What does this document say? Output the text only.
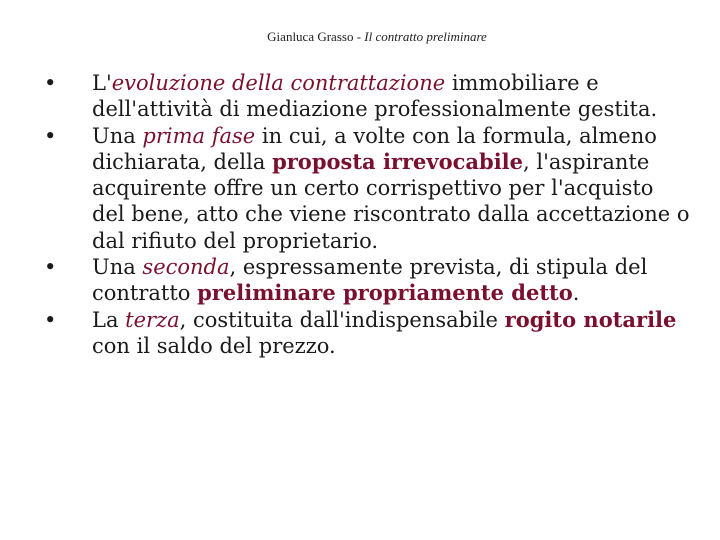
Gianluca Grasso - Il contratto preliminare
•	L'evoluzione della contrattazione immobiliare e dell'attività di mediazione professionalmente gestita.
•	Una prima fase in cui, a volte con la formula, almeno dichiarata, della proposta irrevocabile, l'aspirante acquirente offre un certo corrispettivo per l'acquisto del bene, atto che viene riscontrato dalla accettazione o dal rifiuto del proprietario.
•	Una seconda, espressamente prevista, di stipula del contratto preliminare propriamente detto.
•	La terza, costituita dall'indispensabile rogito notarile con il saldo del prezzo.
